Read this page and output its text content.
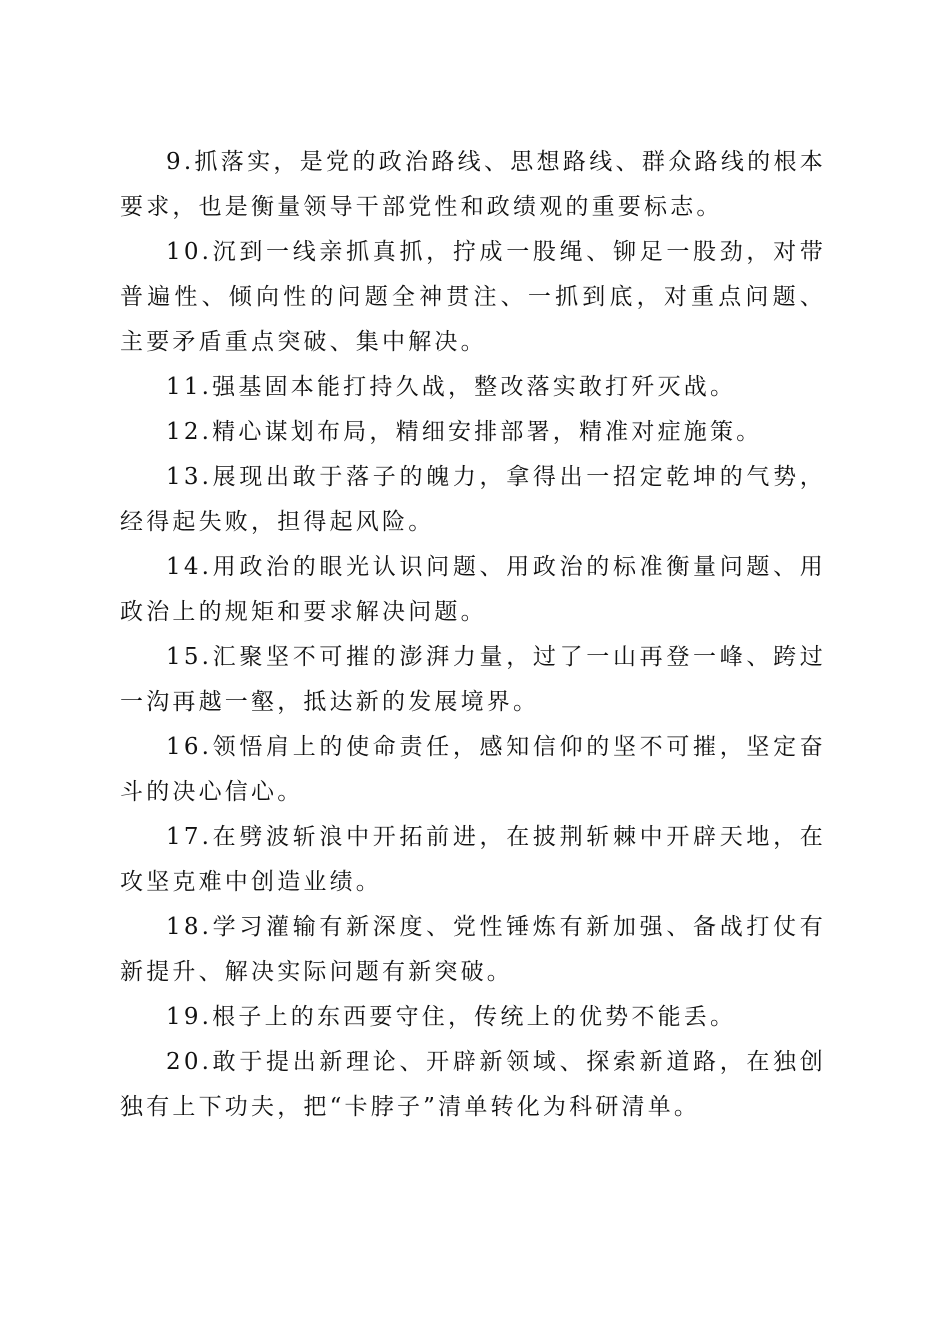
9.抓落实，是党的政治路线、思想路线、群众路线的根本要求，也是衡量领导干部党性和政绩观的重要标志。

10.沉到一线亲抓真抓，拧成一股绳、铆足一股劲，对带普遍性、倾向性的问题全神贯注、一抓到底，对重点问题、主要矛盾重点突破、集中解决。

11.强基固本能打持久战，整改落实敢打歼灭战。

12.精心谋划布局，精细安排部署，精准对症施策。

13.展现出敢于落子的魄力，拿得出一招定乾坤的气势，经得起失败，担得起风险。

14.用政治的眼光认识问题、用政治的标准衡量问题、用政治上的规矩和要求解决问题。

15.汇聚坚不可摧的澎湃力量，过了一山再登一峰、跨过一沟再越一壑，抵达新的发展境界。

16.领悟肩上的使命责任，感知信仰的坚不可摧，坚定奋斗的决心信心。

17.在劈波斩浪中开拓前进，在披荆斩棘中开辟天地，在攻坚克难中创造业绩。

18.学习灌输有新深度、党性锤炼有新加强、备战打仗有新提升、解决实际问题有新突破。

19.根子上的东西要守住，传统上的优势不能丢。

20.敢于提出新理论、开辟新领域、探索新道路，在独创独有上下功夫，把“卡脖子”清单转化为科研清单。
